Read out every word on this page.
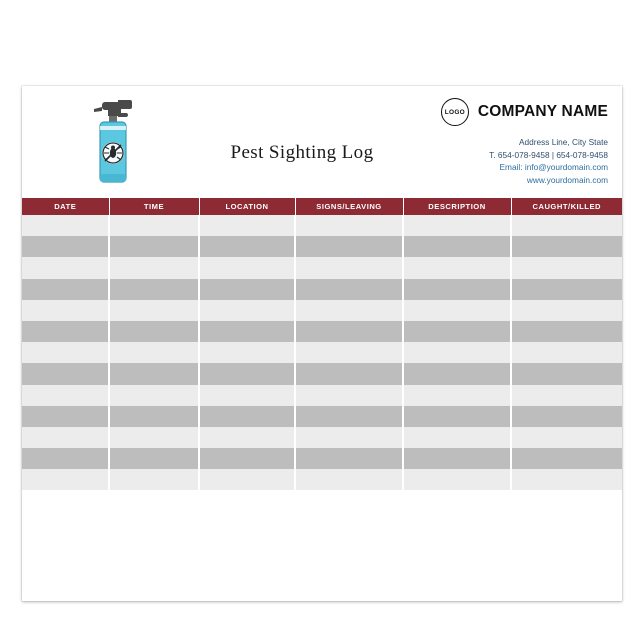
Pest Sighting Log
LOGO COMPANY NAME
Address Line, City State
T. 654-078-9458 | 654-078-9458
Email: info@yourdomain.com
www.yourdomain.com
DATE	TIME	LOCATION	SIGNS/LEAVING	DESCRIPTION	CAUGHT/KILLED
